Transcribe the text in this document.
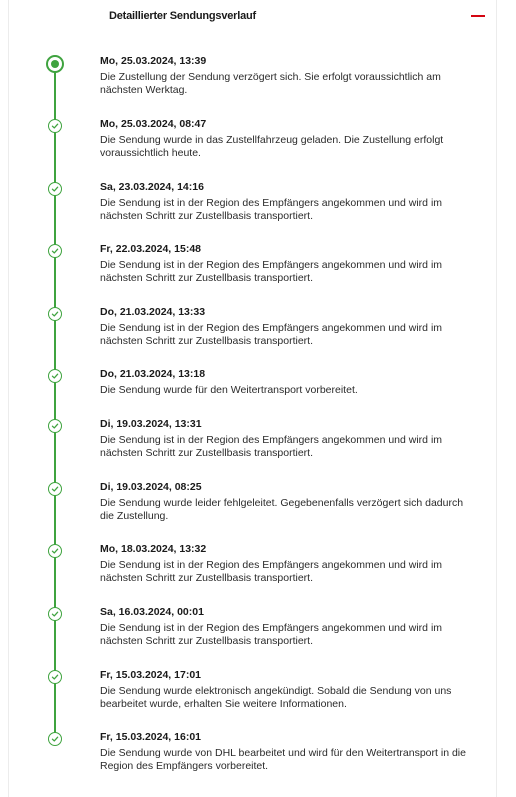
Detaillierter Sendungsverlauf
Mo, 25.03.2024, 13:39
Die Zustellung der Sendung verzögert sich. Sie erfolgt voraussichtlich am nächsten Werktag.
Mo, 25.03.2024, 08:47
Die Sendung wurde in das Zustellfahrzeug geladen. Die Zustellung erfolgt voraussichtlich heute.
Sa, 23.03.2024, 14:16
Die Sendung ist in der Region des Empfängers angekommen und wird im nächsten Schritt zur Zustellbasis transportiert.
Fr, 22.03.2024, 15:48
Die Sendung ist in der Region des Empfängers angekommen und wird im nächsten Schritt zur Zustellbasis transportiert.
Do, 21.03.2024, 13:33
Die Sendung ist in der Region des Empfängers angekommen und wird im nächsten Schritt zur Zustellbasis transportiert.
Do, 21.03.2024, 13:18
Die Sendung wurde für den Weitertransport vorbereitet.
Di, 19.03.2024, 13:31
Die Sendung ist in der Region des Empfängers angekommen und wird im nächsten Schritt zur Zustellbasis transportiert.
Di, 19.03.2024, 08:25
Die Sendung wurde leider fehlgeleitet. Gegebenenfalls verzögert sich dadurch die Zustellung.
Mo, 18.03.2024, 13:32
Die Sendung ist in der Region des Empfängers angekommen und wird im nächsten Schritt zur Zustellbasis transportiert.
Sa, 16.03.2024, 00:01
Die Sendung ist in der Region des Empfängers angekommen und wird im nächsten Schritt zur Zustellbasis transportiert.
Fr, 15.03.2024, 17:01
Die Sendung wurde elektronisch angekündigt. Sobald die Sendung von uns bearbeitet wurde, erhalten Sie weitere Informationen.
Fr, 15.03.2024, 16:01
Die Sendung wurde von DHL bearbeitet und wird für den Weitertransport in die Region des Empfängers vorbereitet.
